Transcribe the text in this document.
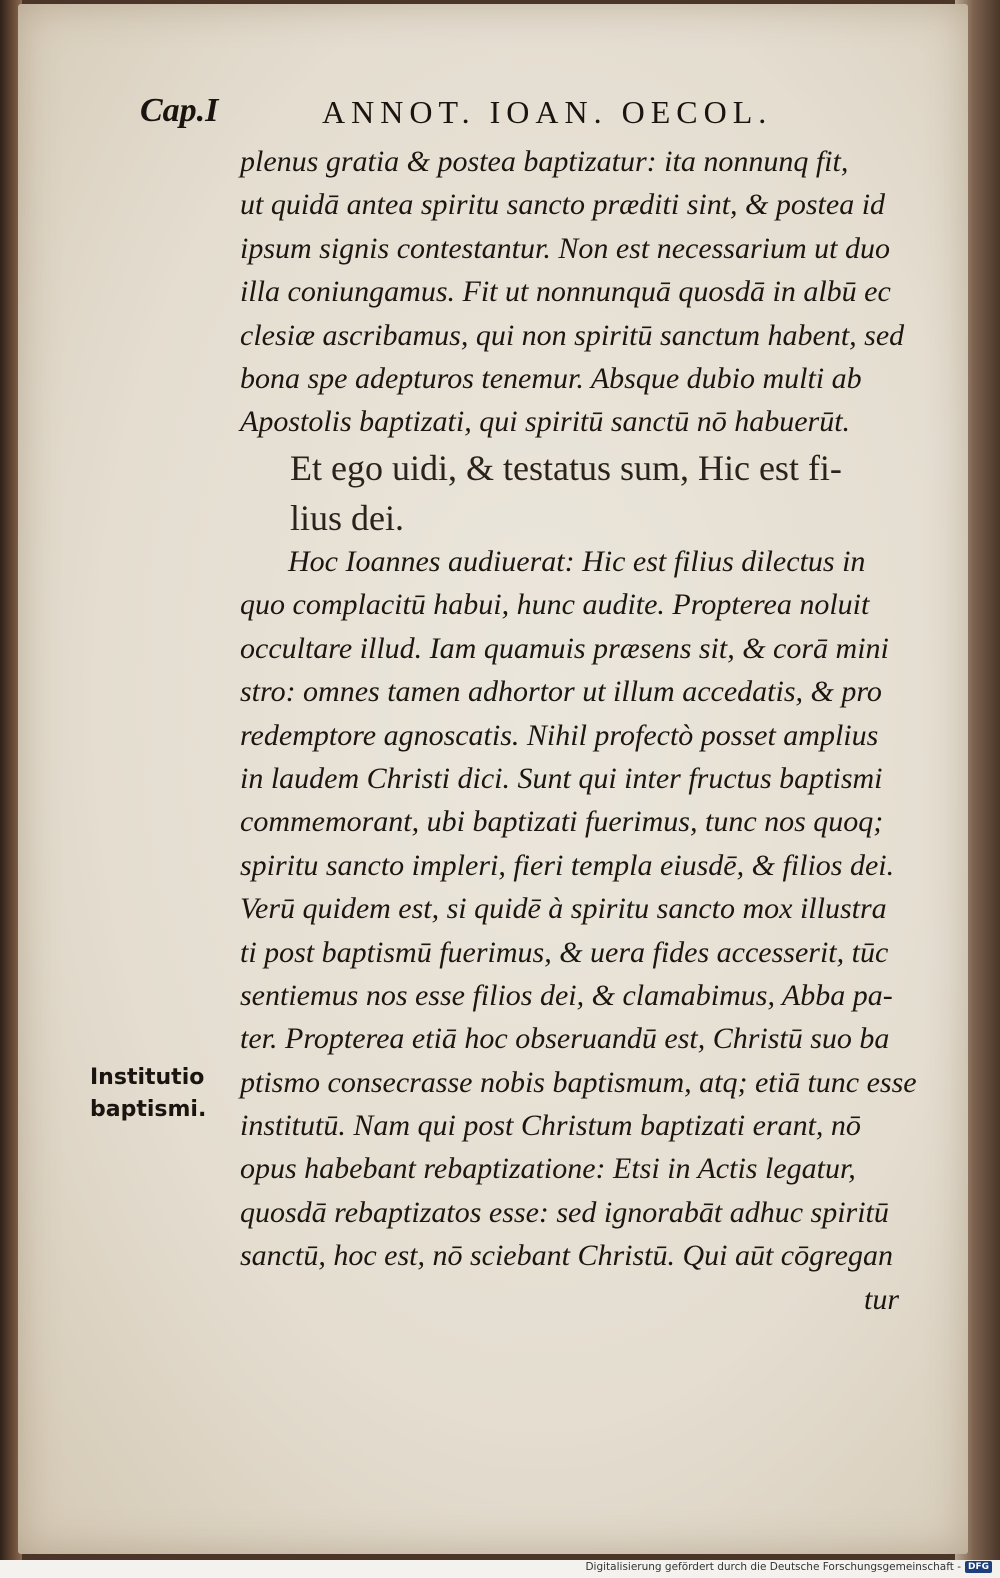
Cap.I	ANNOT. IOAN. OECOL.
plenus gratia & postea baptizatur: ita nonnunq fit,
ut quidā antea spiritu sancto præditi sint, & postea id
ipsum signis contestantur. Non est necessarium ut duo
illa coniungamus. Fit ut nonnunquā quosdā in albū ec
clesiæ ascribamus, qui non spiritū sanctum habent, sed
bona spe adepturos tenemur. Absque dubio multi ab
Apostolis baptizati, qui spiritū sanctū nō habuerūt.
Et ego uidi, & testatus sum, Hic est fi-
lius dei.
Hoc Ioannes audiuerat: Hic est filius dilectus in
quo complacitū habui, hunc audite. Propterea noluit
occultare illud. Iam quamuis præsens sit, & corā mini
stro: omnes tamen adhortor ut illum accedatis, & pro
redemptore agnoscatis. Nihil profectò posset amplius
in laudem Christi dici. Sunt qui inter fructus baptismi
commemorant, ubi baptizati fuerimus, tunc nos quoq;
spiritu sancto impleri, fieri templa eiusdē, & filios dei.
Verū quidem est, si quidē à spiritu sancto mox illustra
ti post baptismū fuerimus, & uera fides accesserit, tūc
sentiemus nos esse filios dei, & clamabimus, Abba pa-
ter. Propterea etiā hoc obseruandū est, Christū suo ba
ptismo consecrasse nobis baptismum, atq; etiā tunc esse
institutū. Nam qui post Christum baptizati erant, nō
opus habebant rebaptizatione: Etsi in Actis legatur,
quosdā rebaptizatos esse: sed ignorabāt adhuc spiritū
sanctū, hoc est, nō sciebant Christū. Qui aūt cōgregan
tur
Institutio
baptismi.
Digitalisierung gefördert durch die Deutsche Forschungsgemeinschaft - DFG
